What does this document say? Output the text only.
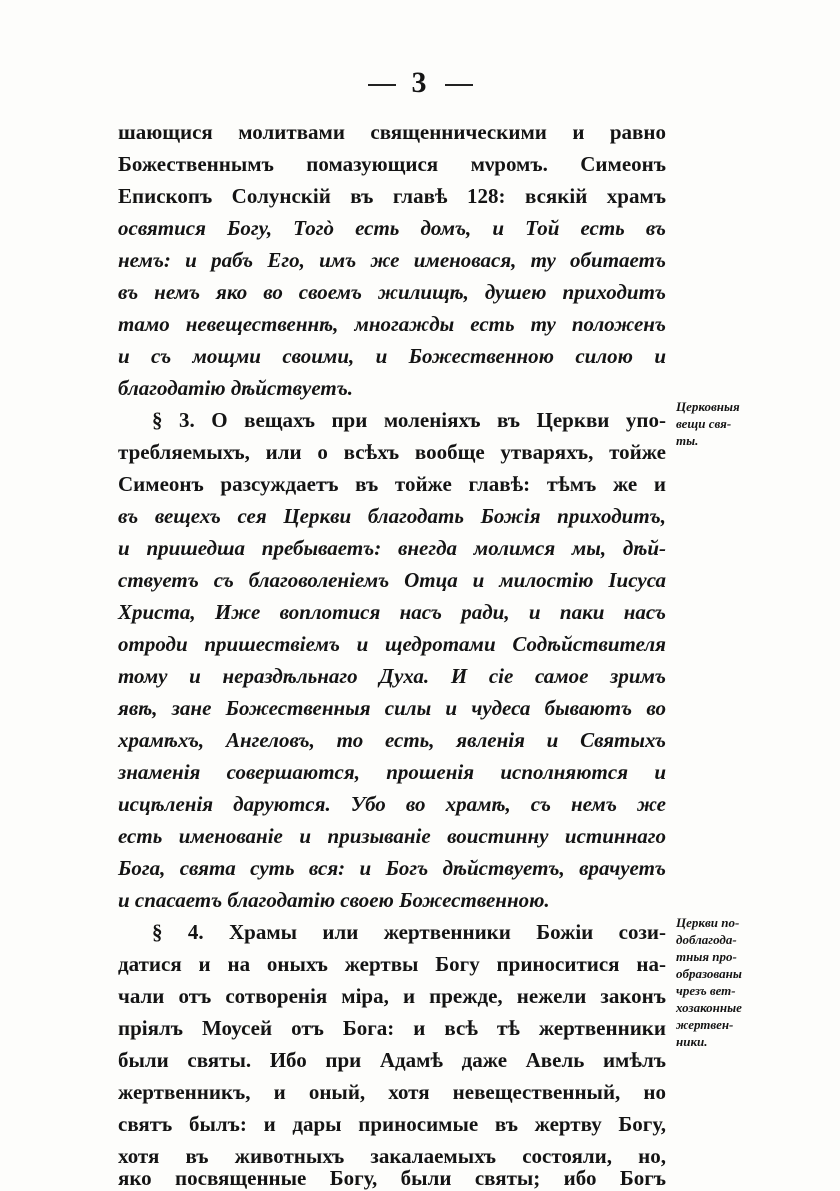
3
шающися молитвами священническими и равно
Божественнымъ помазующися мνромъ. Симеонъ
Епископъ Солунскій въ главѣ 128: всякій храмъ
освятися Богу, Тогò есть домъ, и Той есть въ
немъ: и рабъ Его, имъ же именовася, ту обитаетъ
въ немъ яко во своемъ жилищѣ, душею приходитъ
тамо невещественнѣ, многажды есть ту положенъ
и съ мощми своими, и Божественною силою и
благодатію дѣйствуетъ.
§ 3. О вещахъ при моленіяхъ въ Церкви упо-
требляемыхъ, или о всѣхъ вообще утваряхъ, тойже
Симеонъ разсуждаетъ въ тойже главѣ: тѣмъ же и
въ вещехъ сея Церкви благодать Божія приходитъ,
и пришедша пребываетъ: внегда молимся мы, дѣй-
ствуетъ съ благоволеніемъ Отца и милостію Іисуса
Христа, Иже воплотися насъ ради, и паки насъ
отроди пришествіемъ и щедротами Содѣйствителя
тому и нераздѣльнаго Духа. И сіе самое зримъ
явѣ, зане Божественныя силы и чудеса бываютъ во
храмѣхъ, Ангеловъ, то есть, явленія и Святыхъ
знаменія совершаются, прошенія исполняются и
исцѣленія даруются. Убо во храмѣ, съ немъ же
есть именованіе и призываніе воистинну истиннаго
Бога, свята суть вся: и Богъ дѣйствуетъ, врачуетъ
и спасаетъ благодатію своею Божественною.
§ 4. Храмы или жертвенники Божіи сози-
датися и на оныхъ жертвы Богу приноситися на-
чали отъ сотворенія міра, и прежде, нежели законъ
пріялъ Моусей отъ Бога: и всѣ тѣ жертвенники
были святы. Ибо при Адамѣ даже Авель имѣлъ
жертвенникъ, и оный, хотя невещественный, но
святъ былъ: и дары приносимые въ жертву Богу,
хотя въ животныхъ закалаемыхъ состояли, но,
яко посвященные Богу, были святы; ибо Богъ
Церковныя
вещи свя-
ты.
Церкви по-
доблагода-
тныя про-
образованы
чрезъ вет-
хозаконные
жертвен-
ники.
